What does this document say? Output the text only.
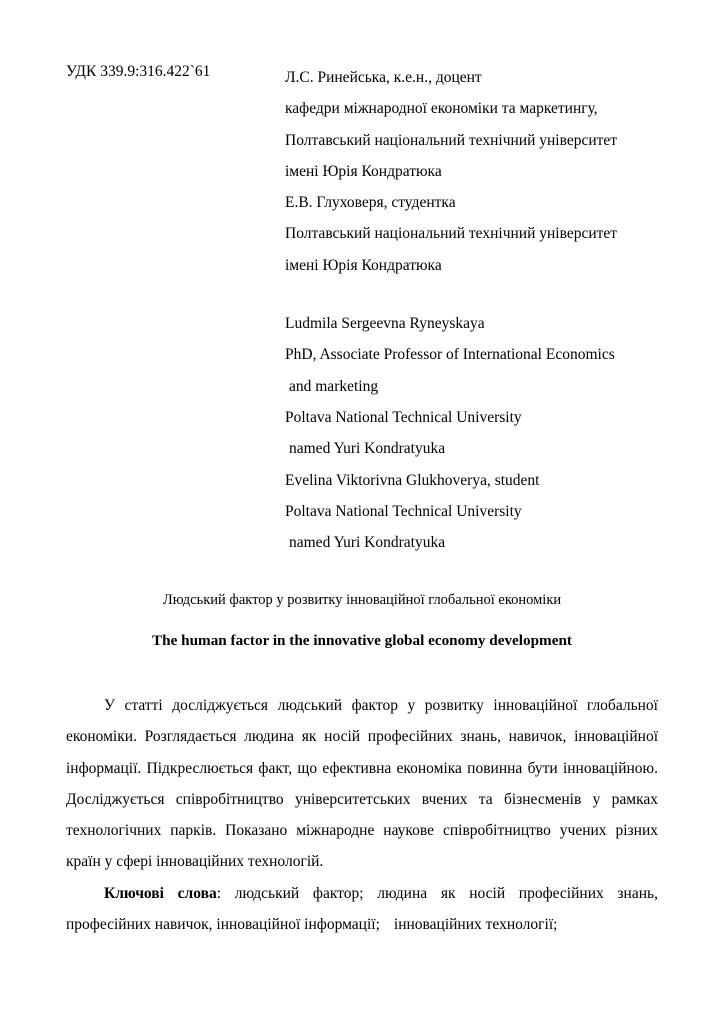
УДК 339.9:316.422`61	Л.С. Ринейська, к.е.н., доцент
кафедри міжнародної економіки та маркетингу,
Полтавський національний технічний університет
імені Юрія Кондратюка
Е.В. Глуховеря, студентка
Полтавський національний технічний університет
імені Юрія Кондратюка
Ludmila Sergeevna Ryneyskaya
PhD, Associate Professor of International Economics
and marketing
Poltava National Technical University
named Yuri Kondratyuka
Evelina Viktorivna Glukhoverya, student
Poltava National Technical University
named Yuri Kondratyuka
Людський фактор у розвитку інноваційної глобальної економіки
The human factor in the innovative global economy development

У статті досліджується людський фактор у розвитку інноваційної глобальної економіки. Розглядається людина як носій професійних знань, навичок, інноваційної інформації. Підкреслюється факт, що ефективна економіка повинна бути інноваційною. Досліджується співробітництво університетських вчених та бізнесменів у рамках технологічних парків. Показано міжнародне наукове співробітництво учених різних країн у сфері інноваційних технологій.

Ключові слова: людський фактор; людина як носій професійних знань, професійних навичок, інноваційної інформації; інноваційних технології;
